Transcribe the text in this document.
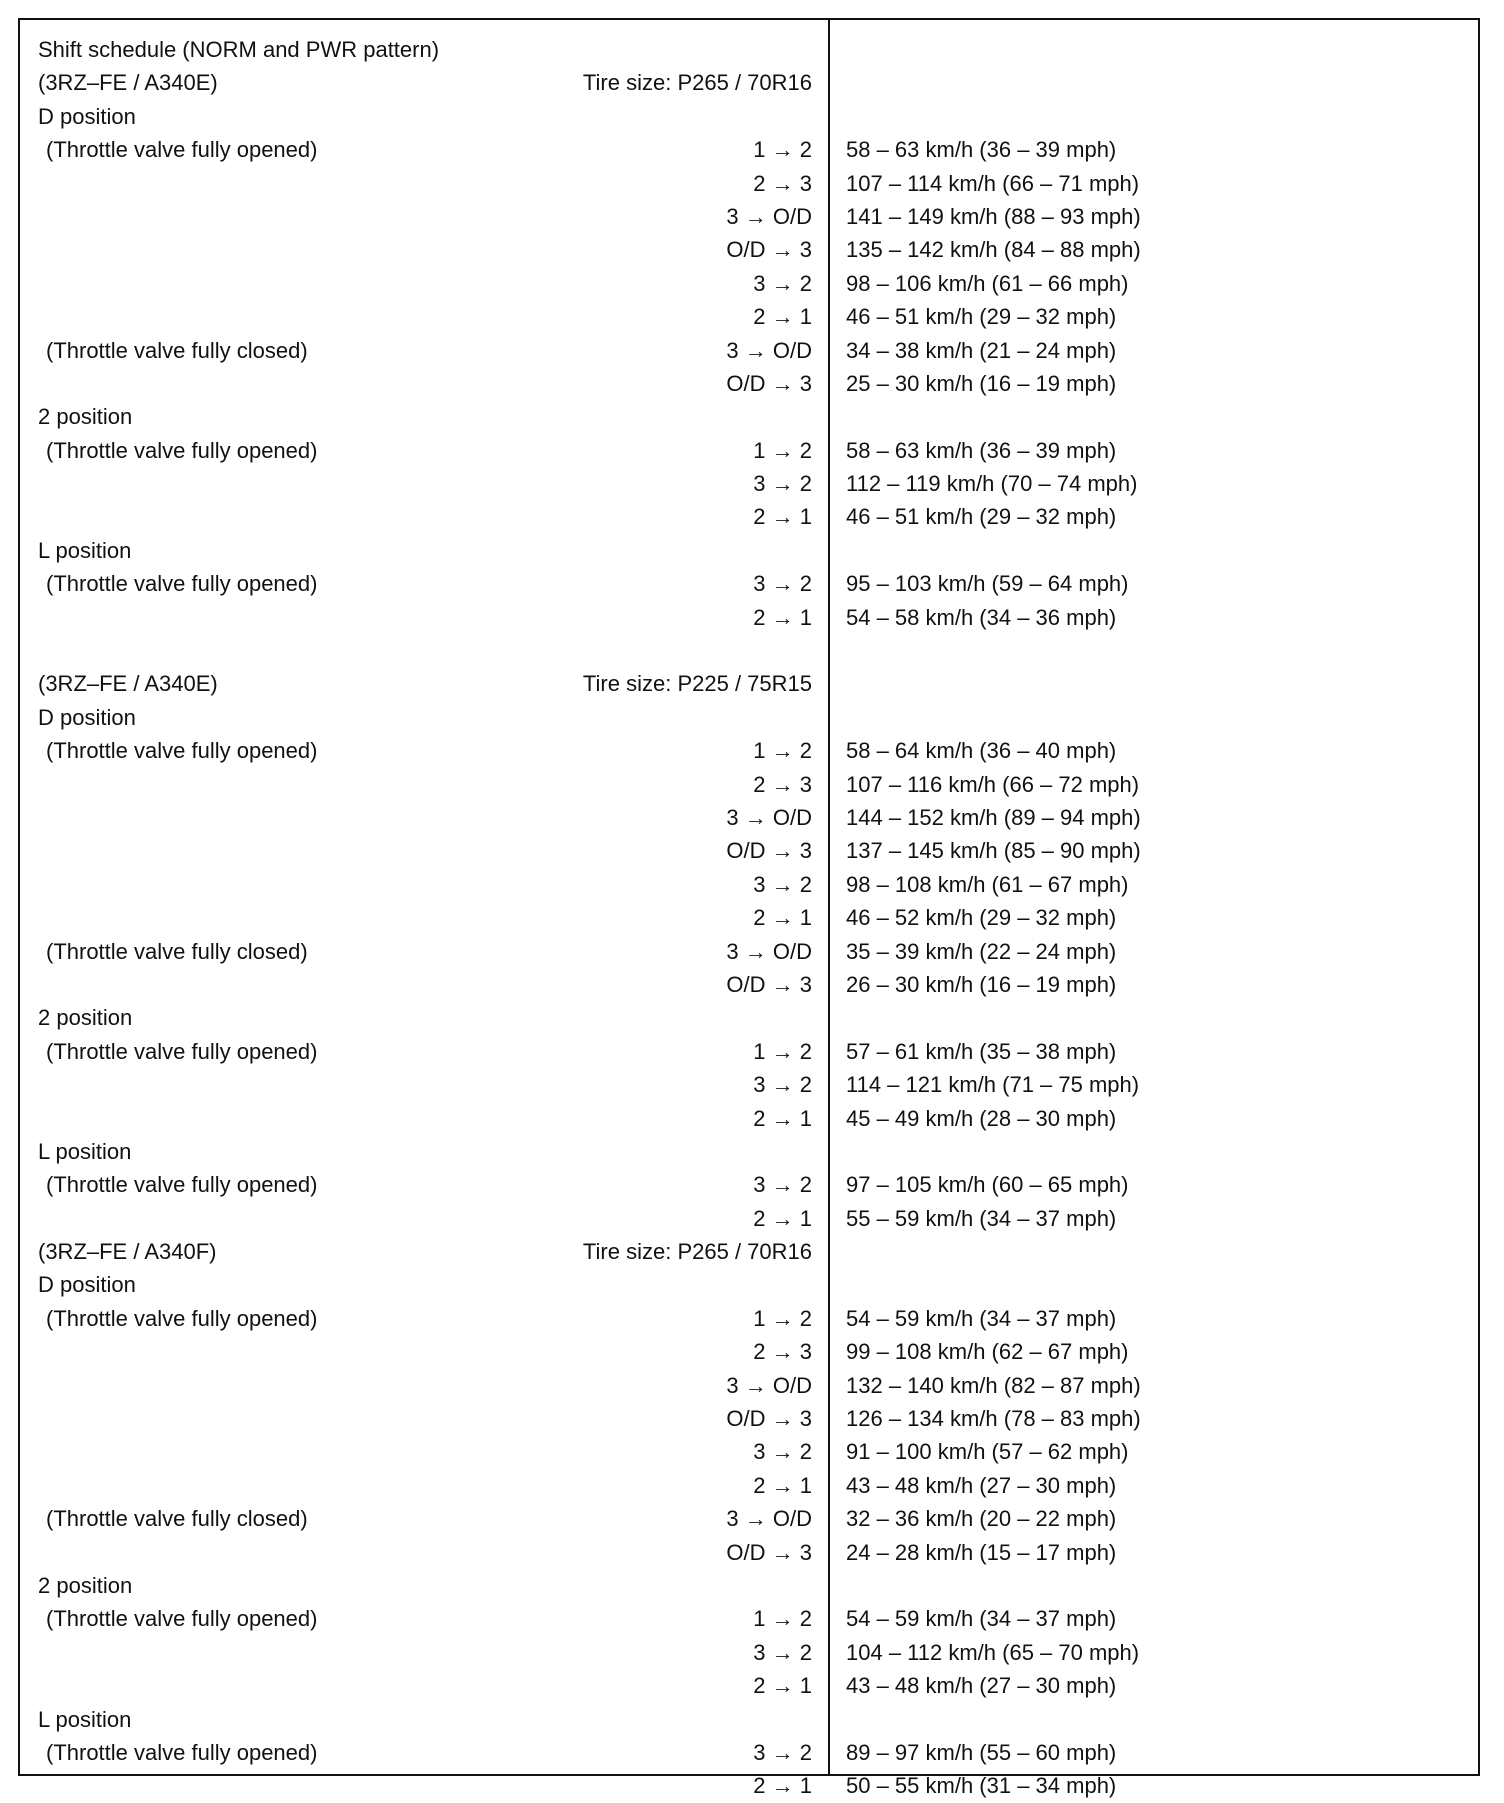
Shift schedule (NORM and PWR pattern)
(3RZ–FE / A340E)	Tire size: P265 / 70R16
D position
(Throttle valve fully opened)	1 → 2 58 – 63 km/h (36 – 39 mph)
2 → 3 107 – 114 km/h (66 – 71 mph)
3 → O/D 141 – 149 km/h (88 – 93 mph)
O/D → 3 135 – 142 km/h (84 – 88 mph)
3 → 2 98 – 106 km/h (61 – 66 mph)
2 → 1 46 – 51 km/h (29 – 32 mph)
(Throttle valve fully closed)	3 → O/D 34 – 38 km/h (21 – 24 mph)
O/D → 3 25 – 30 km/h (16 – 19 mph)
2 position
(Throttle valve fully opened)	1 → 2 58 – 63 km/h (36 – 39 mph)
3 → 2 112 – 119 km/h (70 – 74 mph)
2 → 1 46 – 51 km/h (29 – 32 mph)
L position
(Throttle valve fully opened)	3 → 2 95 – 103 km/h (59 – 64 mph)
2 → 1 54 – 58 km/h (34 – 36 mph)
(3RZ–FE / A340E)	Tire size: P225 / 75R15
D position
(Throttle valve fully opened)	1 → 2 58 – 64 km/h (36 – 40 mph)
2 → 3 107 – 116 km/h (66 – 72 mph)
3 → O/D 144 – 152 km/h (89 – 94 mph)
O/D → 3 137 – 145 km/h (85 – 90 mph)
3 → 2 98 – 108 km/h (61 – 67 mph)
2 → 1 46 – 52 km/h (29 – 32 mph)
(Throttle valve fully closed)	3 → O/D 35 – 39 km/h (22 – 24 mph)
O/D → 3 26 – 30 km/h (16 – 19 mph)
2 position
(Throttle valve fully opened)	1 → 2 57 – 61 km/h (35 – 38 mph)
3 → 2 114 – 121 km/h (71 – 75 mph)
2 → 1 45 – 49 km/h (28 – 30 mph)
L position
(Throttle valve fully opened)	3 → 2 97 – 105 km/h (60 – 65 mph)
2 → 1 55 – 59 km/h (34 – 37 mph)
(3RZ–FE / A340F)	Tire size: P265 / 70R16
D position
(Throttle valve fully opened)	1 → 2 54 – 59 km/h (34 – 37 mph)
2 → 3 99 – 108 km/h (62 – 67 mph)
3 → O/D 132 – 140 km/h (82 – 87 mph)
O/D → 3 126 – 134 km/h (78 – 83 mph)
3 → 2 91 – 100 km/h (57 – 62 mph)
2 → 1 43 – 48 km/h (27 – 30 mph)
(Throttle valve fully closed)	3 → O/D 32 – 36 km/h (20 – 22 mph)
O/D → 3 24 – 28 km/h (15 – 17 mph)
2 position
(Throttle valve fully opened)	1 → 2 54 – 59 km/h (34 – 37 mph)
3 → 2 104 – 112 km/h (65 – 70 mph)
2 → 1 43 – 48 km/h (27 – 30 mph)
L position
(Throttle valve fully opened)	3 → 2 89 – 97 km/h (55 – 60 mph)
2 → 1 50 – 55 km/h (31 – 34 mph)
